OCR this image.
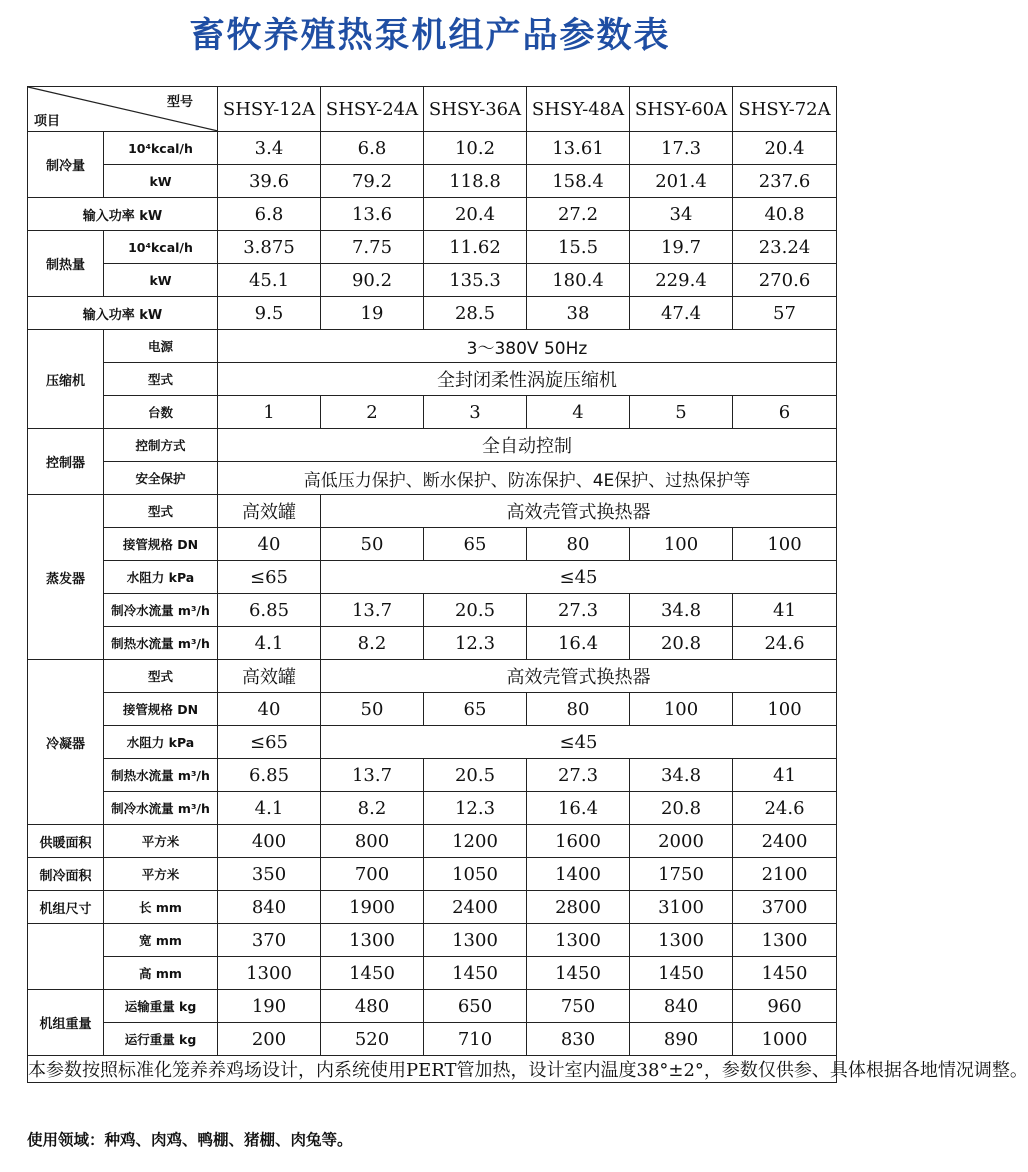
畜牧养殖热泵机组产品参数表
型号
项目		SHSY-12A	SHSY-24A	SHSY-36A	SHSY-48A	SHSY-60A	SHSY-72A
制冷量	10⁴kcal/h	3.4	6.8	10.2	13.61	17.3	20.4
	kW	39.6	79.2	118.8	158.4	201.4	237.6
输入功率 kW		6.8	13.6	20.4	27.2	34	40.8
制热量	10⁴kcal/h	3.875	7.75	11.62	15.5	19.7	23.24
	kW	45.1	90.2	135.3	180.4	229.4	270.6
输入功率 kW		9.5	19	28.5	38	47.4	57
压缩机	电源	3～380V 50Hz					
	型式	全封闭柔性涡旋压缩机					
	台数	1	2	3	4	5	6
控制器	控制方式	全自动控制					
	安全保护	高低压力保护、断水保护、防冻保护、4E保护、过热保护等					
蒸发器	型式	高效罐	高效壳管式换热器				
	接管规格 DN	40	50	65	80	100	100
	水阻力 kPa	≤65	≤45				
	制冷水流量 m³/h	6.85	13.7	20.5	27.3	34.8	41
	制热水流量 m³/h	4.1	8.2	12.3	16.4	20.8	24.6
冷凝器	型式	高效罐	高效壳管式换热器				
	接管规格 DN	40	50	65	80	100	100
	水阻力 kPa	≤65	≤45				
	制热水流量 m³/h	6.85	13.7	20.5	27.3	34.8	41
	制冷水流量 m³/h	4.1	8.2	12.3	16.4	20.8	24.6
供暖面积	平方米	400	800	1200	1600	2000	2400
制冷面积	平方米	350	700	1050	1400	1750	2100
机组尺寸	长 mm	840	1900	2400	2800	3100	3700
	宽 mm	370	1300	1300	1300	1300	1300
	高 mm	1300	1450	1450	1450	1450	1450
机组重量	运输重量 kg	190	480	650	750	840	960
	运行重量 kg	200	520	710	830	890	1000
本参数按照标准化笼养养鸡场设计，内系统使用PERT管加热，设计室内温度38°±2°，参数仅供参、具体根据各地情况调整。							
使用领域：种鸡、肉鸡、鸭棚、猪棚、肉兔等。
